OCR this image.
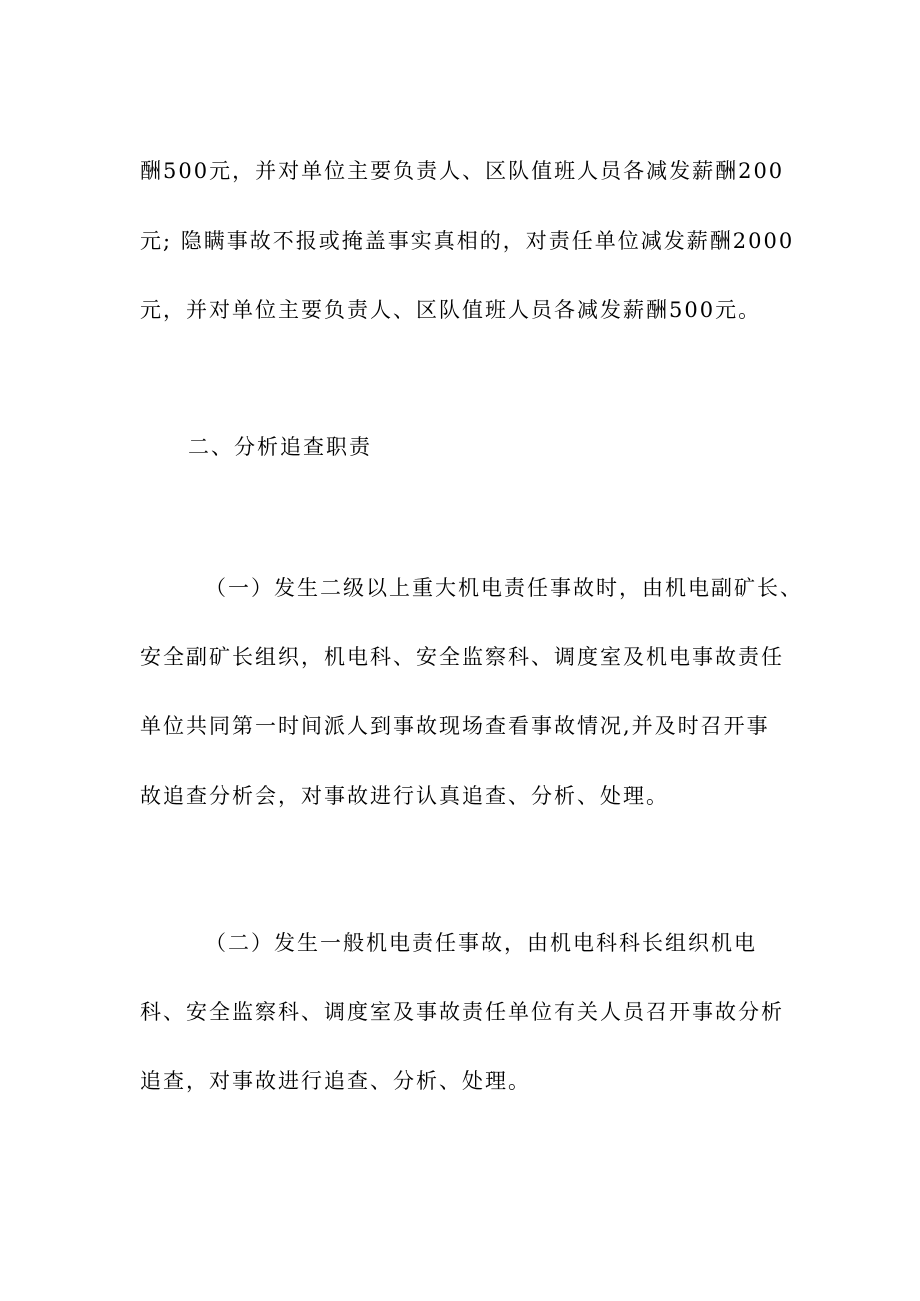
酬500元，并对单位主要负责人、区队值班人员各减发薪酬200
元; 隐瞒事故不报或掩盖事实真相的，对责任单位减发薪酬2000
元，并对单位主要负责人、区队值班人员各减发薪酬500元。
二、分析追查职责
（一）发生二级以上重大机电责任事故时，由机电副矿长、
安全副矿长组织，机电科、安全监察科、调度室及机电事故责任
单位共同第一时间派人到事故现场查看事故情况,并及时召开事
故追查分析会，对事故进行认真追查、分析、处理。
（二）发生一般机电责任事故，由机电科科长组织机电
科、安全监察科、调度室及事故责任单位有关人员召开事故分析
追查，对事故进行追查、分析、处理。
